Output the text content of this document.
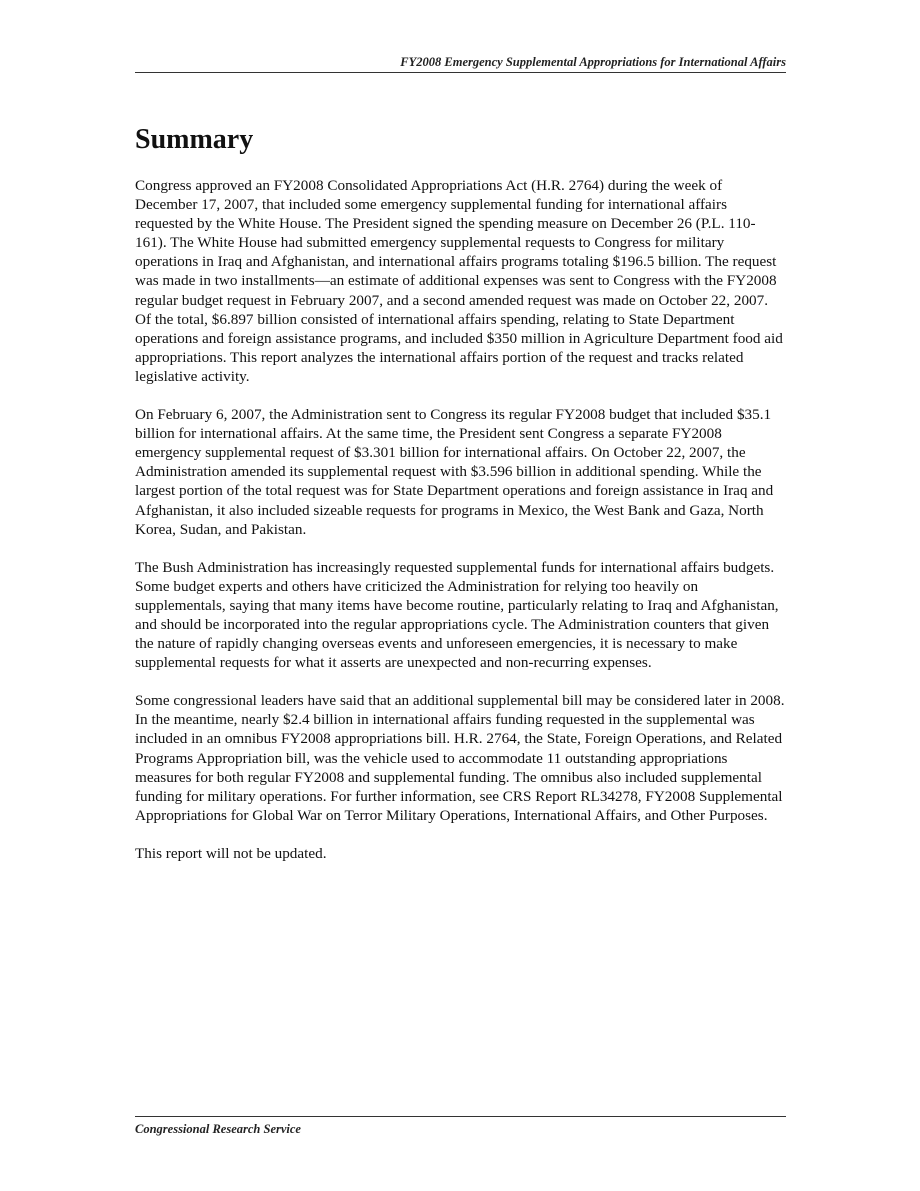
FY2008 Emergency Supplemental Appropriations for International Affairs
Summary

Congress approved an FY2008 Consolidated Appropriations Act (H.R. 2764) during the week of December 17, 2007, that included some emergency supplemental funding for international affairs requested by the White House. The President signed the spending measure on December 26 (P.L. 110-161). The White House had submitted emergency supplemental requests to Congress for military operations in Iraq and Afghanistan, and international affairs programs totaling $196.5 billion. The request was made in two installments—an estimate of additional expenses was sent to Congress with the FY2008 regular budget request in February 2007, and a second amended request was made on October 22, 2007. Of the total, $6.897 billion consisted of international affairs spending, relating to State Department operations and foreign assistance programs, and included $350 million in Agriculture Department food aid appropriations. This report analyzes the international affairs portion of the request and tracks related legislative activity.

On February 6, 2007, the Administration sent to Congress its regular FY2008 budget that included $35.1 billion for international affairs. At the same time, the President sent Congress a separate FY2008 emergency supplemental request of $3.301 billion for international affairs. On October 22, 2007, the Administration amended its supplemental request with $3.596 billion in additional spending. While the largest portion of the total request was for State Department operations and foreign assistance in Iraq and Afghanistan, it also included sizeable requests for programs in Mexico, the West Bank and Gaza, North Korea, Sudan, and Pakistan.

The Bush Administration has increasingly requested supplemental funds for international affairs budgets. Some budget experts and others have criticized the Administration for relying too heavily on supplementals, saying that many items have become routine, particularly relating to Iraq and Afghanistan, and should be incorporated into the regular appropriations cycle. The Administration counters that given the nature of rapidly changing overseas events and unforeseen emergencies, it is necessary to make supplemental requests for what it asserts are unexpected and non-recurring expenses.

Some congressional leaders have said that an additional supplemental bill may be considered later in 2008. In the meantime, nearly $2.4 billion in international affairs funding requested in the supplemental was included in an omnibus FY2008 appropriations bill. H.R. 2764, the State, Foreign Operations, and Related Programs Appropriation bill, was the vehicle used to accommodate 11 outstanding appropriations measures for both regular FY2008 and supplemental funding. The omnibus also included supplemental funding for military operations. For further information, see CRS Report RL34278, FY2008 Supplemental Appropriations for Global War on Terror Military Operations, International Affairs, and Other Purposes.

This report will not be updated.

Congressional Research Service
